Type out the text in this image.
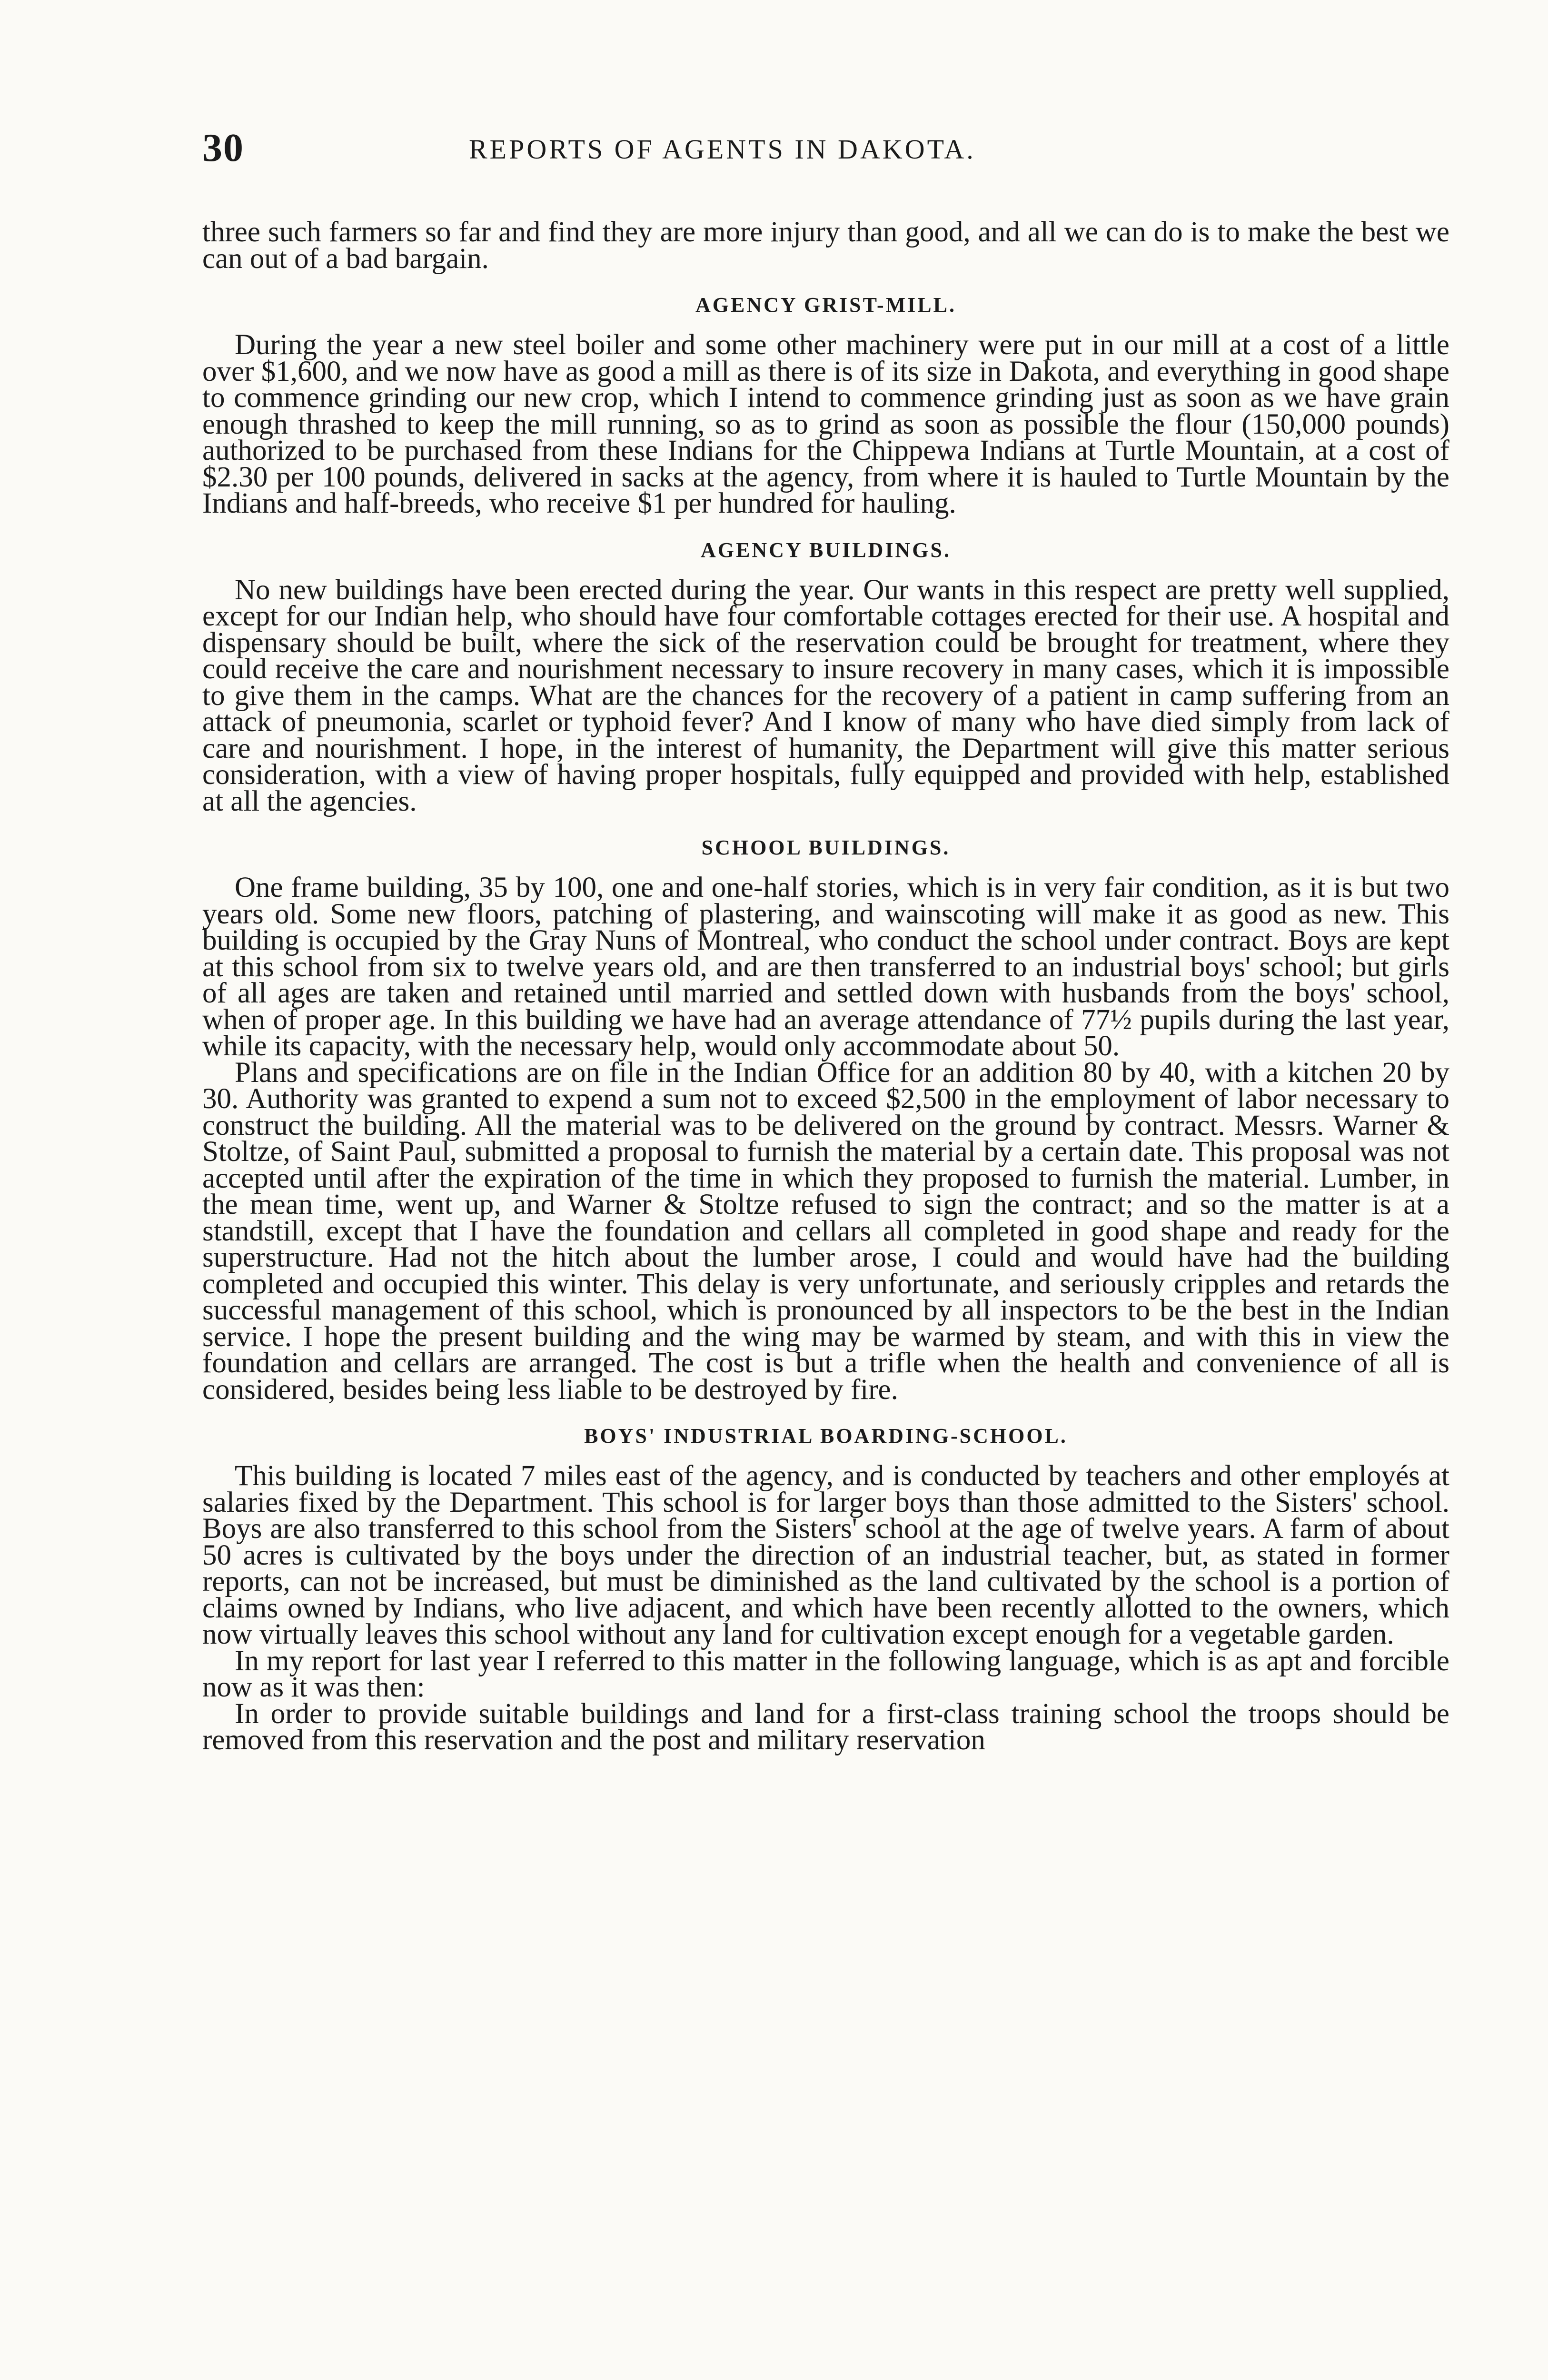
30	REPORTS OF AGENTS IN DAKOTA.

three such farmers so far and find they are more injury than good, and all we can do is to make the best we can out of a bad bargain.

AGENCY GRIST-MILL.

During the year a new steel boiler and some other machinery were put in our mill at a cost of a little over $1,600, and we now have as good a mill as there is of its size in Dakota, and everything in good shape to commence grinding our new crop, which I intend to commence grinding just as soon as we have grain enough thrashed to keep the mill running, so as to grind as soon as possible the flour (150,000 pounds) authorized to be purchased from these Indians for the Chippewa Indians at Turtle Mountain, at a cost of $2.30 per 100 pounds, delivered in sacks at the agency, from where it is hauled to Turtle Mountain by the Indians and half-breeds, who receive $1 per hundred for hauling.

AGENCY BUILDINGS.

No new buildings have been erected during the year. Our wants in this respect are pretty well supplied, except for our Indian help, who should have four comfortable cottages erected for their use. A hospital and dispensary should be built, where the sick of the reservation could be brought for treatment, where they could receive the care and nourishment necessary to insure recovery in many cases, which it is impossible to give them in the camps. What are the chances for the recovery of a patient in camp suffering from an attack of pneumonia, scarlet or typhoid fever? And I know of many who have died simply from lack of care and nourishment. I hope, in the interest of humanity, the Department will give this matter serious consideration, with a view of having proper hospitals, fully equipped and provided with help, established at all the agencies.

SCHOOL BUILDINGS.

One frame building, 35 by 100, one and one-half stories, which is in very fair condition, as it is but two years old. Some new floors, patching of plastering, and wainscoting will make it as good as new. This building is occupied by the Gray Nuns of Montreal, who conduct the school under contract. Boys are kept at this school from six to twelve years old, and are then transferred to an industrial boys' school; but girls of all ages are taken and retained until married and settled down with husbands from the boys' school, when of proper age. In this building we have had an average attendance of 77½ pupils during the last year, while its capacity, with the necessary help, would only accommodate about 50.

Plans and specifications are on file in the Indian Office for an addition 80 by 40, with a kitchen 20 by 30. Authority was granted to expend a sum not to exceed $2,500 in the employment of labor necessary to construct the building. All the material was to be delivered on the ground by contract. Messrs. Warner & Stoltze, of Saint Paul, submitted a proposal to furnish the material by a certain date. This proposal was not accepted until after the expiration of the time in which they proposed to furnish the material. Lumber, in the mean time, went up, and Warner & Stoltze refused to sign the contract; and so the matter is at a standstill, except that I have the foundation and cellars all completed in good shape and ready for the superstructure. Had not the hitch about the lumber arose, I could and would have had the building completed and occupied this winter. This delay is very unfortunate, and seriously cripples and retards the successful management of this school, which is pronounced by all inspectors to be the best in the Indian service. I hope the present building and the wing may be warmed by steam, and with this in view the foundation and cellars are arranged. The cost is but a trifle when the health and convenience of all is considered, besides being less liable to be destroyed by fire.

BOYS' INDUSTRIAL BOARDING-SCHOOL.

This building is located 7 miles east of the agency, and is conducted by teachers and other employés at salaries fixed by the Department. This school is for larger boys than those admitted to the Sisters' school. Boys are also transferred to this school from the Sisters' school at the age of twelve years. A farm of about 50 acres is cultivated by the boys under the direction of an industrial teacher, but, as stated in former reports, can not be increased, but must be diminished as the land cultivated by the school is a portion of claims owned by Indians, who live adjacent, and which have been recently allotted to the owners, which now virtually leaves this school without any land for cultivation except enough for a vegetable garden.

In my report for last year I referred to this matter in the following language, which is as apt and forcible now as it was then:

In order to provide suitable buildings and land for a first-class training school the troops should be removed from this reservation and the post and military reservation
